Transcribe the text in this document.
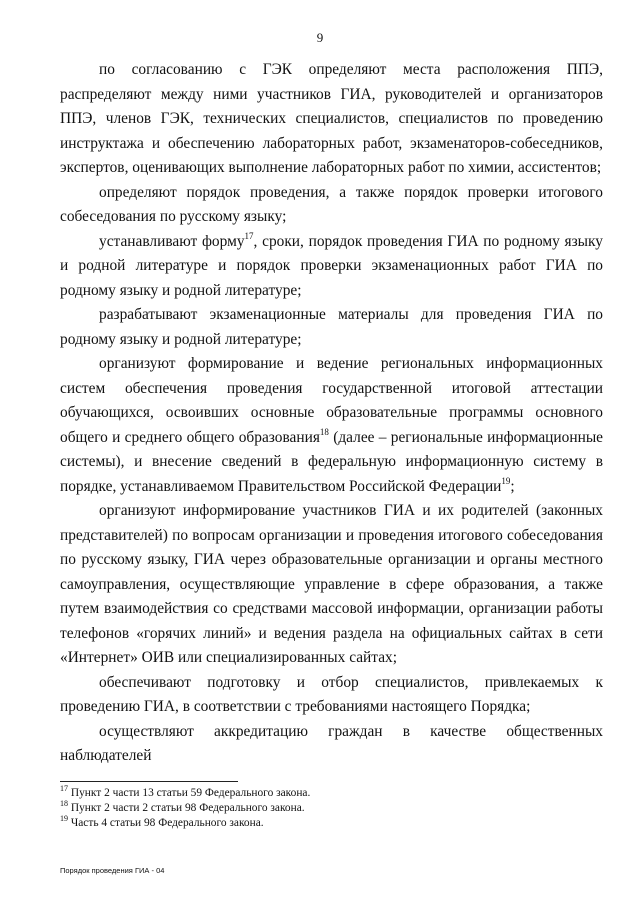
9

по согласованию с ГЭК определяют места расположения ППЭ, распределяют между ними участников ГИА, руководителей и организаторов ППЭ, членов ГЭК, технических специалистов, специалистов по проведению инструктажа и обеспечению лабораторных работ, экзаменаторов-собеседников, экспертов, оценивающих выполнение лабораторных работ по химии, ассистентов;

определяют порядок проведения, а также порядок проверки итогового собеседования по русскому языку;

устанавливают форму$^{17}$, сроки, порядок проведения ГИА по родному языку и родной литературе и порядок проверки экзаменационных работ ГИА по родному языку и родной литературе;

разрабатывают экзаменационные материалы для проведения ГИА по родному языку и родной литературе;

организуют формирование и ведение региональных информационных систем обеспечения проведения государственной итоговой аттестации обучающихся, освоивших основные образовательные программы основного общего и среднего общего образования$^{18}$ (далее – региональные информационные системы), и внесение сведений в федеральную информационную систему в порядке, устанавливаемом Правительством Российской Федерации$^{19}$;

организуют информирование участников ГИА и их родителей (законных представителей) по вопросам организации и проведения итогового собеседования по русскому языку, ГИА через образовательные организации и органы местного самоуправления, осуществляющие управление в сфере образования, а также путем взаимодействия со средствами массовой информации, организации работы телефонов «горячих линий» и ведения раздела на официальных сайтах в сети «Интернет» ОИВ или специализированных сайтах;

обеспечивают подготовку и отбор специалистов, привлекаемых к проведению ГИА, в соответствии с требованиями настоящего Порядка;

осуществляют аккредитацию граждан в качестве общественных наблюдателей

$^{17}$ Пункт 2 части 13 статьи 59 Федерального закона.

$^{18}$ Пункт 2 части 2 статьи 98 Федерального закона.

$^{19}$ Часть 4 статьи 98 Федерального закона.

Порядок проведения ГИА - 04
